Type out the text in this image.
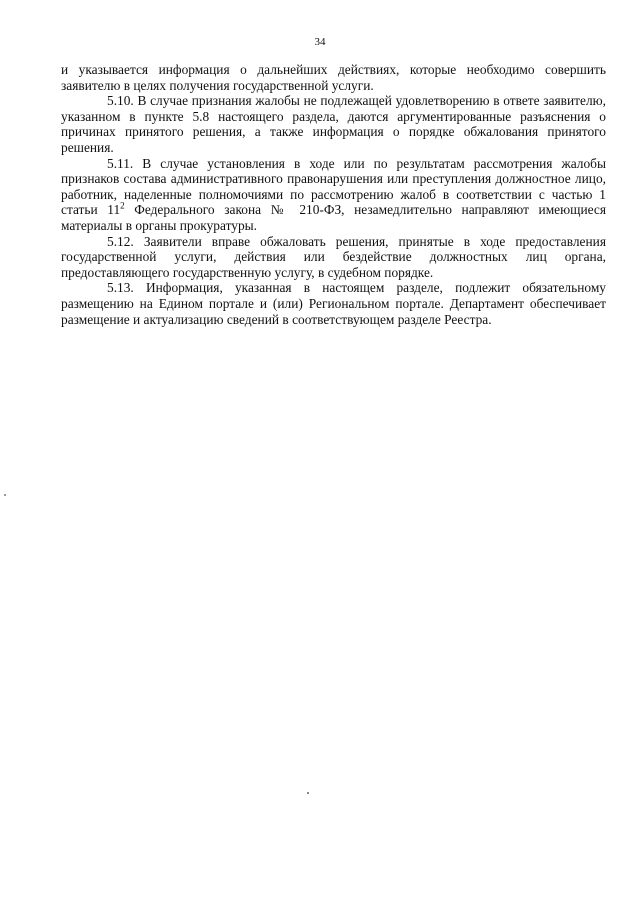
34

и указывается информация о дальнейших действиях, которые необходимо совершить заявителю в целях получения государственной услуги.

5.10. В случае признания жалобы не подлежащей удовлетворению в ответе заявителю, указанном в пункте 5.8 настоящего раздела, даются аргументированные разъяснения о причинах принятого решения, а также информация о порядке обжалования принятого решения.

5.11. В случае установления в ходе или по результатам рассмотрения жалобы признаков состава административного правонарушения или преступления должностное лицо, работник, наделенные полномочиями по рассмотрению жалоб в соответствии с частью 1 статьи $11^2$ Федерального закона № 210-ФЗ, незамедлительно направляют имеющиеся материалы в органы прокуратуры.

5.12. Заявители вправе обжаловать решения, принятые в ходе предоставления государственной услуги, действия или бездействие должностных лиц органа, предоставляющего государственную услугу, в судебном порядке.

5.13. Информация, указанная в настоящем разделе, подлежит обязательному размещению на Едином портале и (или) Региональном портале. Департамент обеспечивает размещение и актуализацию сведений в соответствующем разделе Реестра.
